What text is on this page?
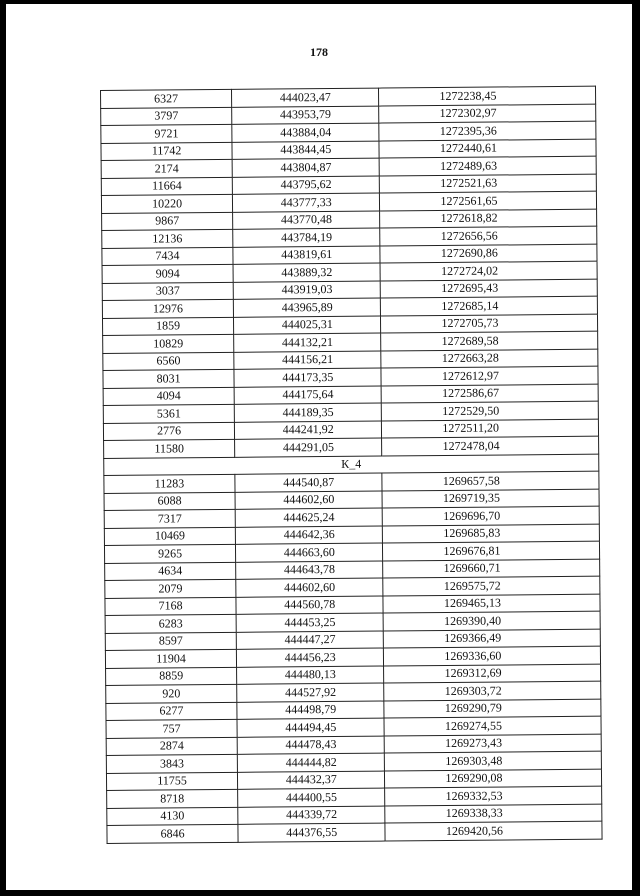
178
6327	444023,47	1272238,45
3797	443953,79	1272302,97
9721	443884,04	1272395,36
11742	443844,45	1272440,61
2174	443804,87	1272489,63
11664	443795,62	1272521,63
10220	443777,33	1272561,65
9867	443770,48	1272618,82
12136	443784,19	1272656,56
7434	443819,61	1272690,86
9094	443889,32	1272724,02
3037	443919,03	1272695,43
12976	443965,89	1272685,14
1859	444025,31	1272705,73
10829	444132,21	1272689,58
6560	444156,21	1272663,28
8031	444173,35	1272612,97
4094	444175,64	1272586,67
5361	444189,35	1272529,50
2776	444241,92	1272511,20
11580	444291,05	1272478,04
К_4		
11283	444540,87	1269657,58
6088	444602,60	1269719,35
7317	444625,24	1269696,70
10469	444642,36	1269685,83
9265	444663,60	1269676,81
4634	444643,78	1269660,71
2079	444602,60	1269575,72
7168	444560,78	1269465,13
6283	444453,25	1269390,40
8597	444447,27	1269366,49
11904	444456,23	1269336,60
8859	444480,13	1269312,69
920	444527,92	1269303,72
6277	444498,79	1269290,79
757	444494,45	1269274,55
2874	444478,43	1269273,43
3843	444444,82	1269303,48
11755	444432,37	1269290,08
8718	444400,55	1269332,53
4130	444339,72	1269338,33
6846	444376,55	1269420,56
